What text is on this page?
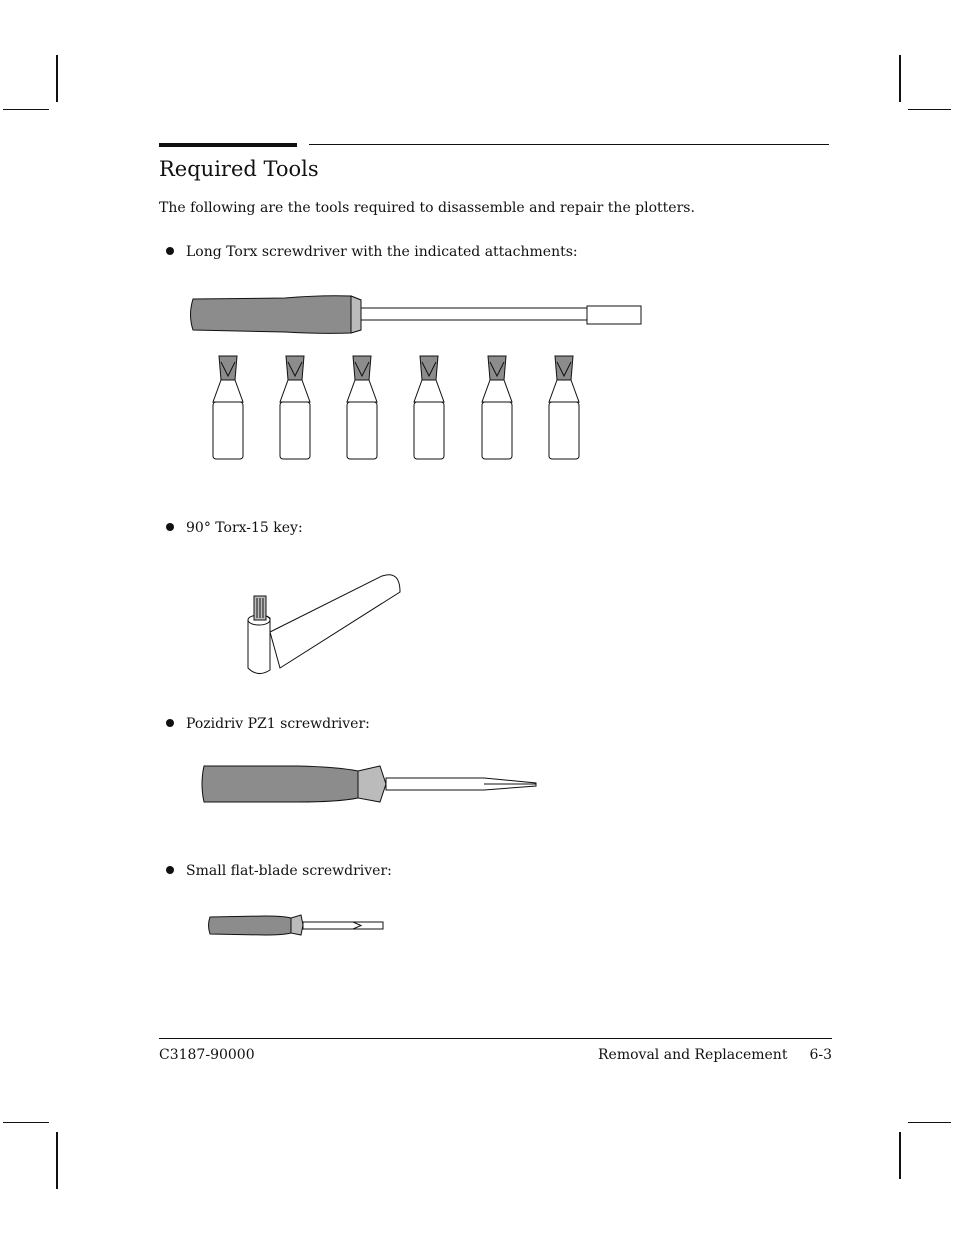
Required Tools

The following are the tools required to disassemble and repair the plotters.

Long Torx screwdriver with the indicated attachments:
90° Torx-15 key:
Pozidriv PZ1 screwdriver:
Small flat-blade screwdriver:
C3187-90000	Removal and Replacement 6-3
